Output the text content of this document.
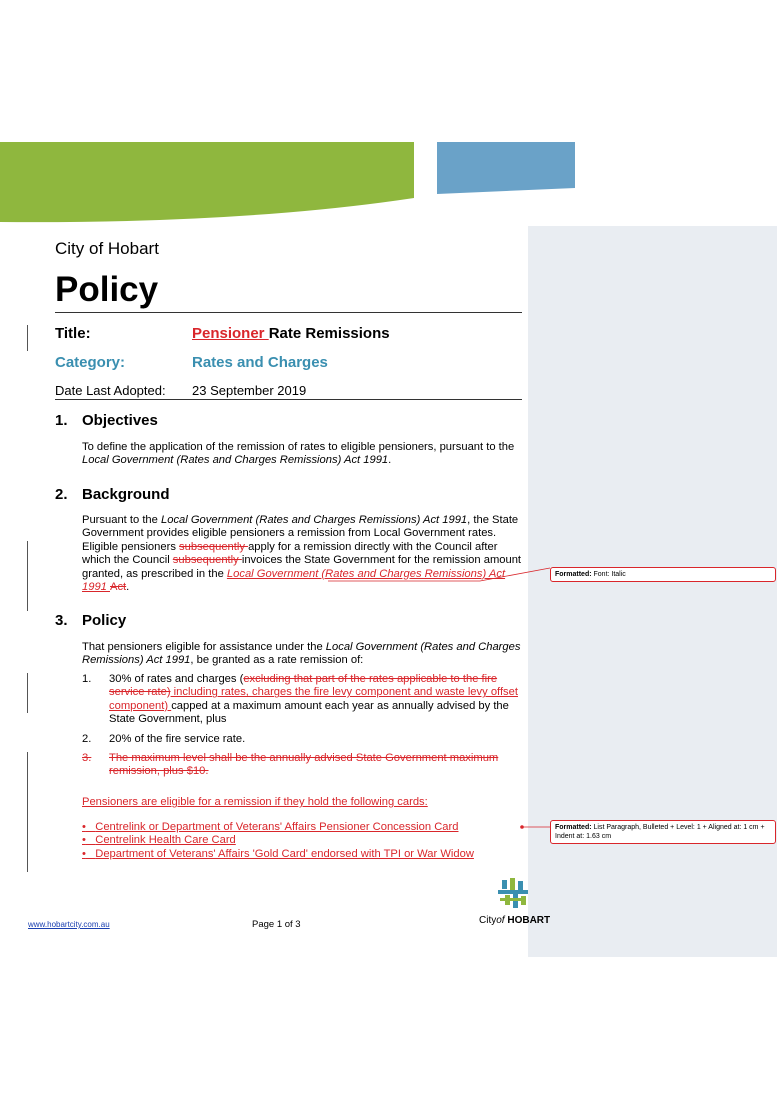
City of Hobart
Policy
Title:	Pensioner Rate Remissions
Category:	Rates and Charges
Date Last Adopted: 23 September 2019
1. Objectives
To define the application of the remission of rates to eligible pensioners, pursuant to the Local Government (Rates and Charges Remissions) Act 1991.
2. Background
Pursuant to the Local Government (Rates and Charges Remissions) Act 1991, the State Government provides eligible pensioners a remission from Local Government rates. Eligible pensioners subsequently apply for a remission directly with the Council after which the Council subsequently invoices the State Government for the remission amount granted, as prescribed in the Local Government (Rates and Charges Remissions) Act 1991 Act.
3. Policy
That pensioners eligible for assistance under the Local Government (Rates and Charges Remissions) Act 1991, be granted as a rate remission of:
1. 30% of rates and charges (excluding that part of the rates applicable to the fire service rate) including rates, charges the fire levy component and waste levy offset component) capped at a maximum amount each year as annually advised by the State Government, plus
2. 20% of the fire service rate.
3. The maximum level shall be the annually advised State Government maximum remission, plus $10.
Pensioners are eligible for a remission if they hold the following cards:
• Centrelink or Department of Veterans' Affairs Pensioner Concession Card
• Centrelink Health Care Card
• Department of Veterans' Affairs 'Gold Card' endorsed with TPI or War Widow
Formatted: Font: Italic
Formatted: List Paragraph, Bulleted + Level: 1 + Aligned at: 1 cm + Indent at: 1.63 cm
www.hobartcity.com.au	Page 1 of 3	Cityof HOBART
